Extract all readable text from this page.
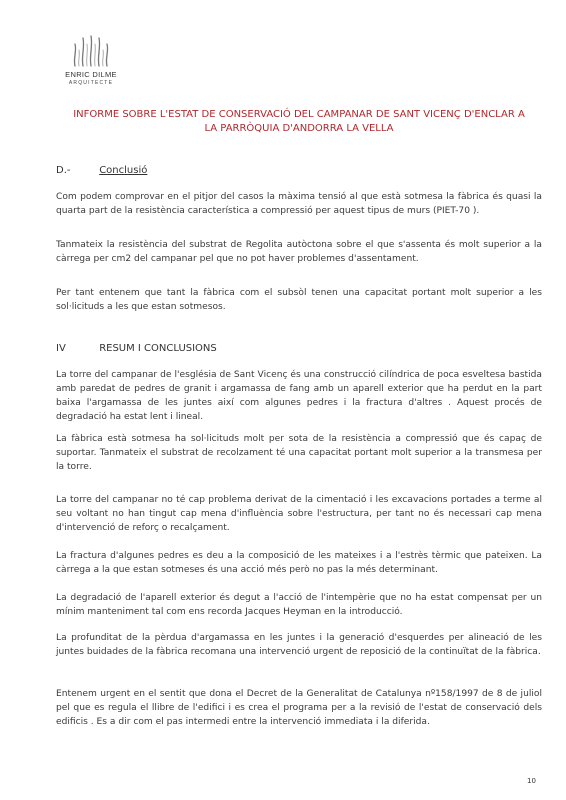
ENRIC DILME
ARQUITECTE
INFORME SOBRE L'ESTAT DE CONSERVACIÓ DEL CAMPANAR DE SANT VICENÇ D'ENCLAR A
LA PARRÒQUIA D'ANDORRA LA VELLA
D.-	Conclusió

Com podem comprovar en el pitjor del casos la màxima tensió al que està sotmesa la fàbrica és quasi la quarta part de la resistència característica a compressió per aquest tipus de murs (PIET-70 ).

Tanmateix la resistència del substrat de Regolita autòctona sobre el que s'assenta és molt superior a la càrrega per cm2 del campanar pel que no pot haver problemes d'assentament.

Per tant entenem que tant la fàbrica com el subsòl tenen una capacitat portant molt superior a les sol·licituds a les que estan sotmesos.

IV	RESUM I CONCLUSIONS

La torre del campanar de l'església de Sant Vicenç és una construcció cilíndrica de poca esveltesa bastida amb paredat de pedres de granit i argamassa de fang amb un aparell exterior que ha perdut en la part baixa l'argamassa de les juntes així com algunes pedres i la fractura d'altres . Aquest procés de degradació ha estat lent i lineal.

La fàbrica està sotmesa ha sol·licituds molt per sota de la resistència a compressió que és capaç de suportar. Tanmateix el substrat de recolzament té una capacitat portant molt superior a la transmesa per la torre.

La torre del campanar no té cap problema derivat de la cimentació i les excavacions portades a terme al seu voltant no han tingut cap mena d'influència sobre l'estructura, per tant no és necessari cap mena d'intervenció de reforç o recalçament.

La fractura d'algunes pedres es deu a la composició de les mateixes i a l'estrès tèrmic que pateixen. La càrrega a la que estan sotmeses és una acció més però no pas la més determinant.

La degradació de l'aparell exterior és degut a l'acció de l'intempèrie que no ha estat compensat per un mínim manteniment tal com ens recorda Jacques Heyman en la introducció.

La profunditat de la pèrdua d'argamassa en les juntes i la generació d'esquerdes per alineació de les juntes buidades de la fàbrica recomana una intervenció urgent de reposició de la continuïtat de la fàbrica.

Entenem urgent en el sentit que dona el Decret de la Generalitat de Catalunya nº158/1997 de 8 de juliol pel que es regula el llibre de l'edifici i es crea el programa per a la revisió de l'estat de conservació dels edificis . Es a dir com el pas intermedi entre la intervenció immediata i la diferida.

10
